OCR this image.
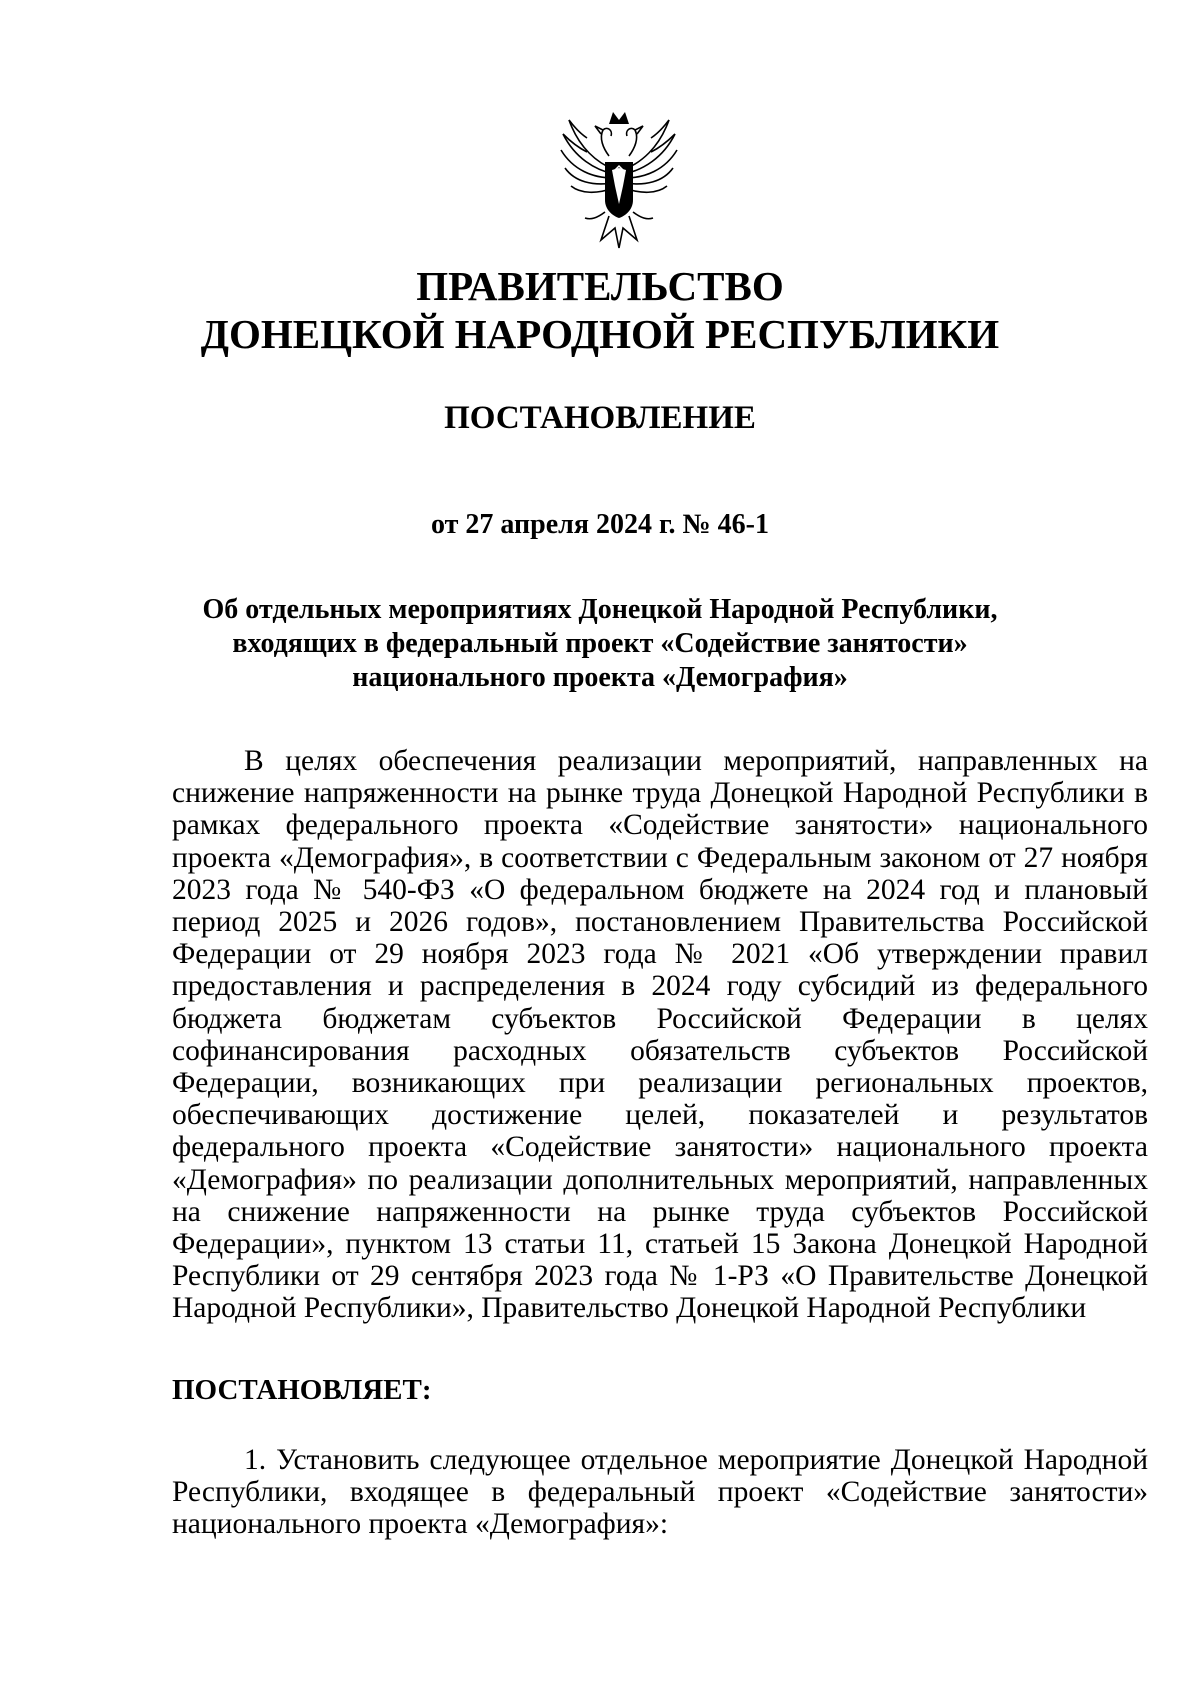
ПРАВИТЕЛЬСТВО
ДОНЕЦКОЙ НАРОДНОЙ РЕСПУБЛИКИ
ПОСТАНОВЛЕНИЕ
от 27 апреля 2024 г. № 46-1
Об отдельных мероприятиях Донецкой Народной Республики,
входящих в федеральный проект «Содействие занятости»
национального проекта «Демография»

В целях обеспечения реализации мероприятий, направленных на снижение напряженности на рынке труда Донецкой Народной Республики в рамках федерального проекта «Содействие занятости» национального проекта «Демография», в соответствии с Федеральным законом от 27 ноября 2023 года № 540-ФЗ «О федеральном бюджете на 2024 год и плановый период 2025 и 2026 годов», постановлением Правительства Российской Федерации от 29 ноября 2023 года № 2021 «Об утверждении правил предоставления и распределения в 2024 году субсидий из федерального бюджета бюджетам субъектов Российской Федерации в целях софинансирования расходных обязательств субъектов Российской Федерации, возникающих при реализации региональных проектов, обеспечивающих достижение целей, показателей и результатов федерального проекта «Содействие занятости» национального проекта «Демография» по реализации дополнительных мероприятий, направленных на снижение напряженности на рынке труда субъектов Российской Федерации», пунктом 13 статьи 11, статьей 15 Закона Донецкой Народной Республики от 29 сентября 2023 года № 1-РЗ «О Правительстве Донецкой Народной Республики», Правительство Донецкой Народной Республики

ПОСТАНОВЛЯЕТ:

1. Установить следующее отдельное мероприятие Донецкой Народной Республики, входящее в федеральный проект «Содействие занятости» национального проекта «Демография»:
